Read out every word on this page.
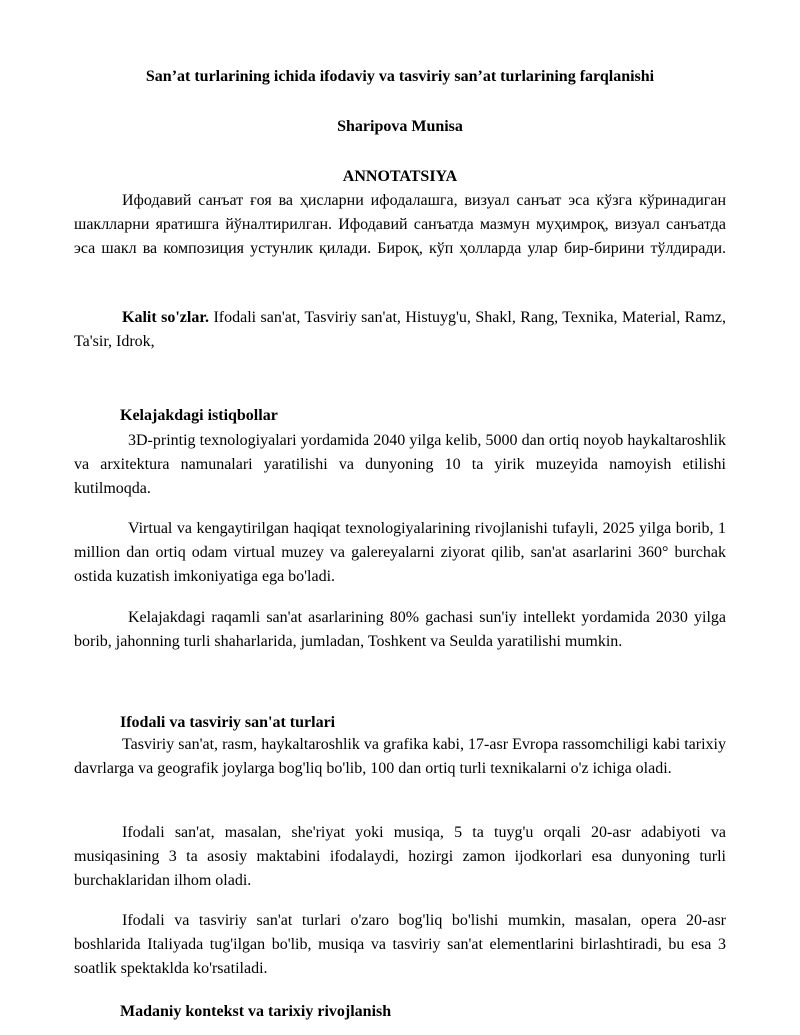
San’at turlarining ichida ifodaviy va tasviriy san’at turlarining farqlanishi
Sharipova Munisa
ANNOTATSIYA
Ифодавий санъат ғоя ва ҳисларни ифодалашга, визуал санъат эса кўзга кўринадиган шаклларни яратишга йўналтирилган. Ифодавий санъатда мазмун муҳимроқ, визуал санъатда эса шакл ва композиция устунлик қилади. Бироқ, кўп ҳолларда улар бир-бирини тўлдиради.
Kalit so'zlar. Ifodali san'at, Tasviriy san'at, Histuyg'u, Shakl, Rang, Texnika, Material, Ramz, Ta'sir, Idrok,
Kelajakdagi istiqbollar
3D-printig texnologiyalari yordamida 2040 yilga kelib, 5000 dan ortiq noyob haykaltaroshlik va arxitektura namunalari yaratilishi va dunyoning 10 ta yirik muzeyida namoyish etilishi kutilmoqda.
Virtual va kengaytirilgan haqiqat texnologiyalarining rivojlanishi tufayli, 2025 yilga borib, 1 million dan ortiq odam virtual muzey va galereyalarni ziyorat qilib, san'at asarlarini 360° burchak ostida kuzatish imkoniyatiga ega bo'ladi.
Kelajakdagi raqamli san'at asarlarining 80% gachasi sun'iy intellekt yordamida 2030 yilga borib, jahonning turli shaharlarida, jumladan, Toshkent va Seulda yaratilishi mumkin.
Ifodali va tasviriy san'at turlari
Tasviriy san'at, rasm, haykaltaroshlik va grafika kabi, 17-asr Evropa rassomchiligi kabi tarixiy davrlarga va geografik joylarga bog'liq bo'lib, 100 dan ortiq turli texnikalarni o'z ichiga oladi.
Ifodali san'at, masalan, she'riyat yoki musiqa, 5 ta tuyg'u orqali 20-asr adabiyoti va musiqasining 3 ta asosiy maktabini ifodalaydi, hozirgi zamon ijodkorlari esa dunyoning turli burchaklaridan ilhom oladi.
Ifodali va tasviriy san'at turlari o'zaro bog'liq bo'lishi mumkin, masalan, opera 20-asr boshlarida Italiyada tug'ilgan bo'lib, musiqa va tasviriy san'at elementlarini birlashtiradi, bu esa 3 soatlik spektaklda ko'rsatiladi.
Madaniy kontekst va tarixiy rivojlanish
